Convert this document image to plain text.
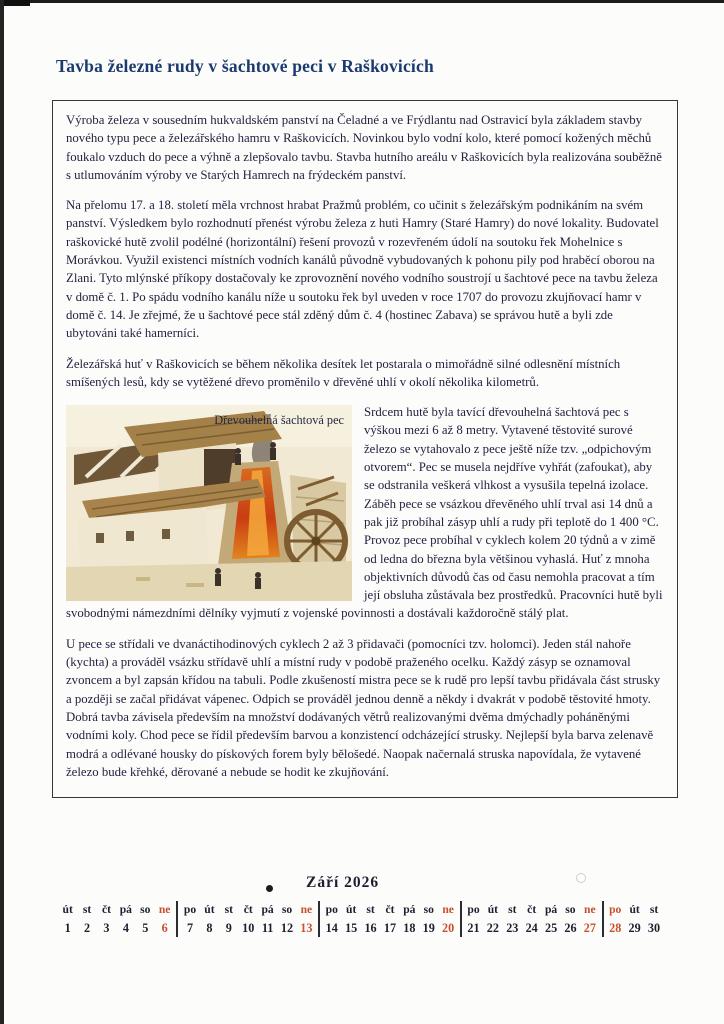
Tavba železné rudy v šachtové peci v Raškovicích

Výroba železa v sousedním hukvaldském panství na Čeladné a ve Frýdlantu nad Ostravicí byla základem stavby nového typu pece a železářského hamru v Raškovicích. Novinkou bylo vodní kolo, které pomocí kožených měchů foukalo vzduch do pece a výhně a zlepšovalo tavbu. Stavba hutního areálu v Raškovicích byla realizována souběžně s utlumováním výroby ve Starých Hamrech na frýdeckém panství.

Na přelomu 17. a 18. století měla vrchnost hrabat Pražmů problém, co učinit s železářským podnikáním na svém panství. Výsledkem bylo rozhodnutí přenést výrobu železa z huti Hamry (Staré Hamry) do nové lokality. Budovatel raškovické hutě zvolil podélné (horizontální) řešení provozů v rozevřeném údolí na soutoku řek Mohelnice s Morávkou. Využil existenci místních vodních kanálů původně vybudovaných k pohonu pily pod hraběcí oborou na Zlani. Tyto mlýnské příkopy dostačovaly ke zprovoznění nového vodního soustrojí u šachtové pece na tavbu železa v domě č. 1. Po spádu vodního kanálu níže u soutoku řek byl uveden v roce 1707 do provozu zkujňovací hamr v domě č. 14. Je zřejmé, že u šachtové pece stál zděný dům č. 4 (hostinec Zabava) se správou hutě a byli zde ubytováni také hamerníci.

Železářská huť v Raškovicích se během několika desítek let postarala o mimořádně silné odlesnění místních smíšených lesů, kdy se vytěžené dřevo proměnilo v dřevěné uhlí v okolí několika kilometrů.

Dřevouhelná šachtová pec
Srdcem hutě byla tavící dřevouhelná šachtová pec s výškou mezi 6 až 8 metry. Vytavené těstovité surové železo se vytahovalo z pece ještě níže tzv. „odpichovým otvorem“. Pec se musela nejdříve vyhřát (zafoukat), aby se odstranila veškerá vlhkost a vysušila tepelná izolace. Záběh pece se vsázkou dřevěného uhlí trval asi 14 dnů a pak již probíhal zásyp uhlí a rudy při teplotě do 1 400 °C. Provoz pece probíhal v cyklech kolem 20 týdnů a v zimě od ledna do března byla většinou vyhaslá. Huť z mnoha objektivních důvodů čas od času nemohla pracovat a tím její obsluha zůstávala bez prostředků. Pracovníci hutě byli svobodnými námezdními dělníky vyjmutí z vojenské povinnosti a dostávali každoročně stálý plat.

U pece se střídali ve dvanáctihodinových cyklech 2 až 3 přidavači (pomocníci tzv. holomci). Jeden stál nahoře (kychta) a prováděl vsázku střídavě uhlí a místní rudy v podobě praženého ocelku. Každý zásyp se oznamoval zvoncem a byl zapsán křídou na tabuli. Podle zkušeností mistra pece se k rudě pro lepší tavbu přidávala část strusky a později se začal přidávat vápenec. Odpich se prováděl jednou denně a někdy i dvakrát v podobě těstovité hmoty. Dobrá tavba závisela především na množství dodávaných větrů realizovanými dvěma dmýchadly poháněnými vodními koly. Chod pece se řídil především barvou a konzistencí odcházející strusky. Nejlepší byla barva zelenavě modrá a odlévané housky do pískových forem byly bělošedé. Naopak načernalá struska napovídala, že vytavené železo bude křehké, děrované a nebude se hodit ke zkujňování.

Září 2026
út
1
st
2
čt
3
pá
4
so
5
ne
6
po
7
út
8
st
9
čt
10
pá
11
so
12
ne
13
po
14
út
15
st
16
čt
17
pá
18
so
19
ne
20
po
21
út
22
st
23
čt
24
pá
25
so
26
ne
27
po
28
út
29
st
30
